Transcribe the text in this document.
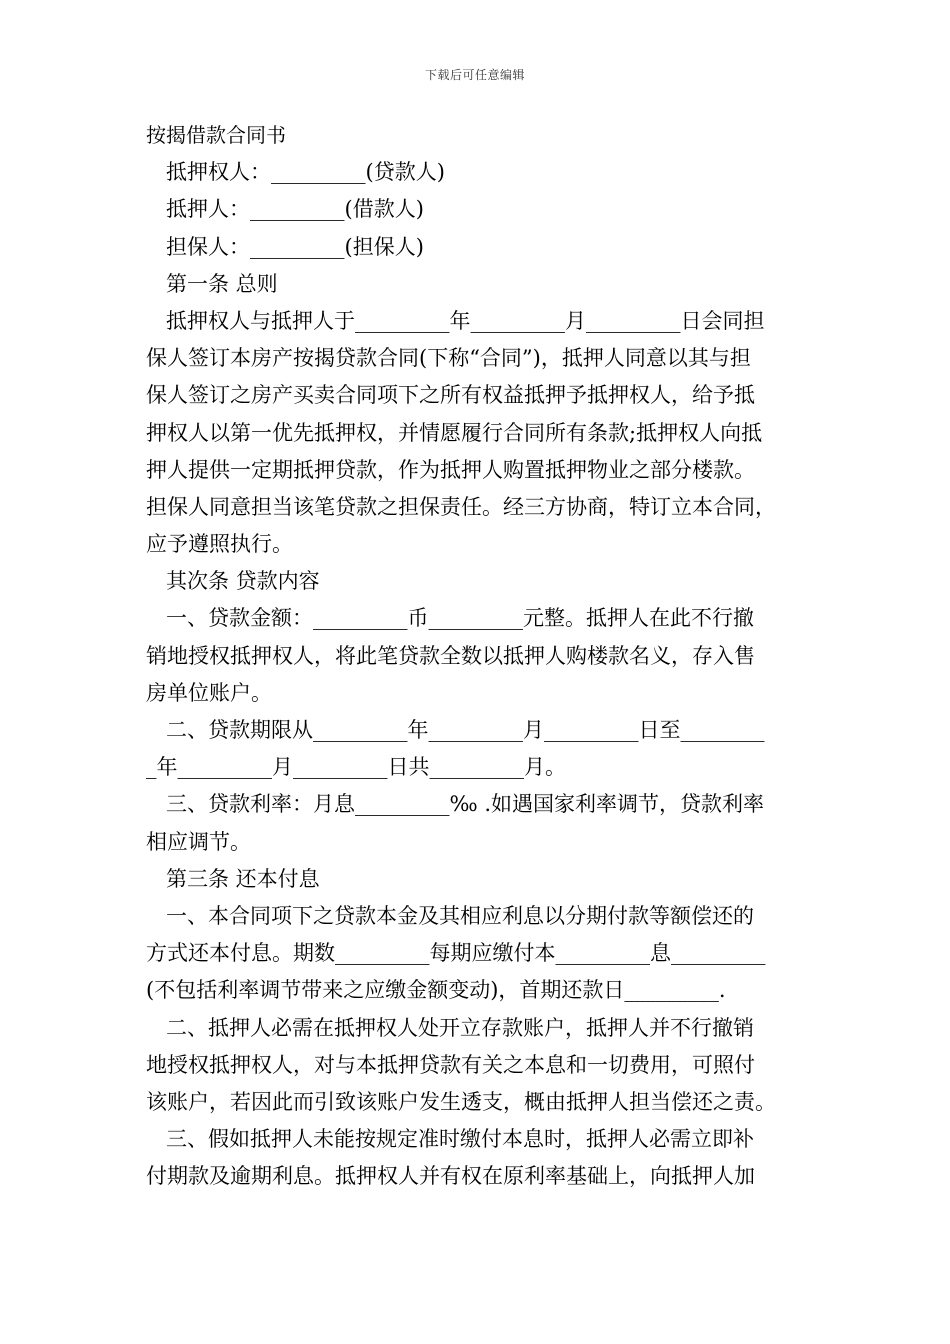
下载后可任意编辑
按揭借款合同书
抵押权人：_________(贷款人)
抵押人：_________(借款人)
担保人：_________(担保人)
第一条 总则
抵押权人与抵押人于_________年_________月_________日会同担
保人签订本房产按揭贷款合同(下称“合同”)，抵押人同意以其与担
保人签订之房产买卖合同项下之所有权益抵押予抵押权人，给予抵
押权人以第一优先抵押权，并情愿履行合同所有条款;抵押权人向抵
押人提供一定期抵押贷款，作为抵押人购置抵押物业之部分楼款。
担保人同意担当该笔贷款之担保责任。经三方协商，特订立本合同，
应予遵照执行。
其次条 贷款内容
一、贷款金额：_________币_________元整。抵押人在此不行撤
销地授权抵押权人，将此笔贷款全数以抵押人购楼款名义，存入售
房单位账户。
二、贷款期限从_________年_________月_________日至________
_年_________月_________日共_________月。
三、贷款利率：月息_________‰ .如遇国家利率调节，贷款利率
相应调节。
第三条 还本付息
一、本合同项下之贷款本金及其相应利息以分期付款等额偿还的
方式还本付息。期数_________每期应缴付本_________息_________
(不包括利率调节带来之应缴金额变动)，首期还款日_________.
二、抵押人必需在抵押权人处开立存款账户，抵押人并不行撤销
地授权抵押权人，对与本抵押贷款有关之本息和一切费用，可照付
该账户，若因此而引致该账户发生透支，概由抵押人担当偿还之责。
三、假如抵押人未能按规定准时缴付本息时，抵押人必需立即补
付期款及逾期利息。抵押权人并有权在原利率基础上，向抵押人加
